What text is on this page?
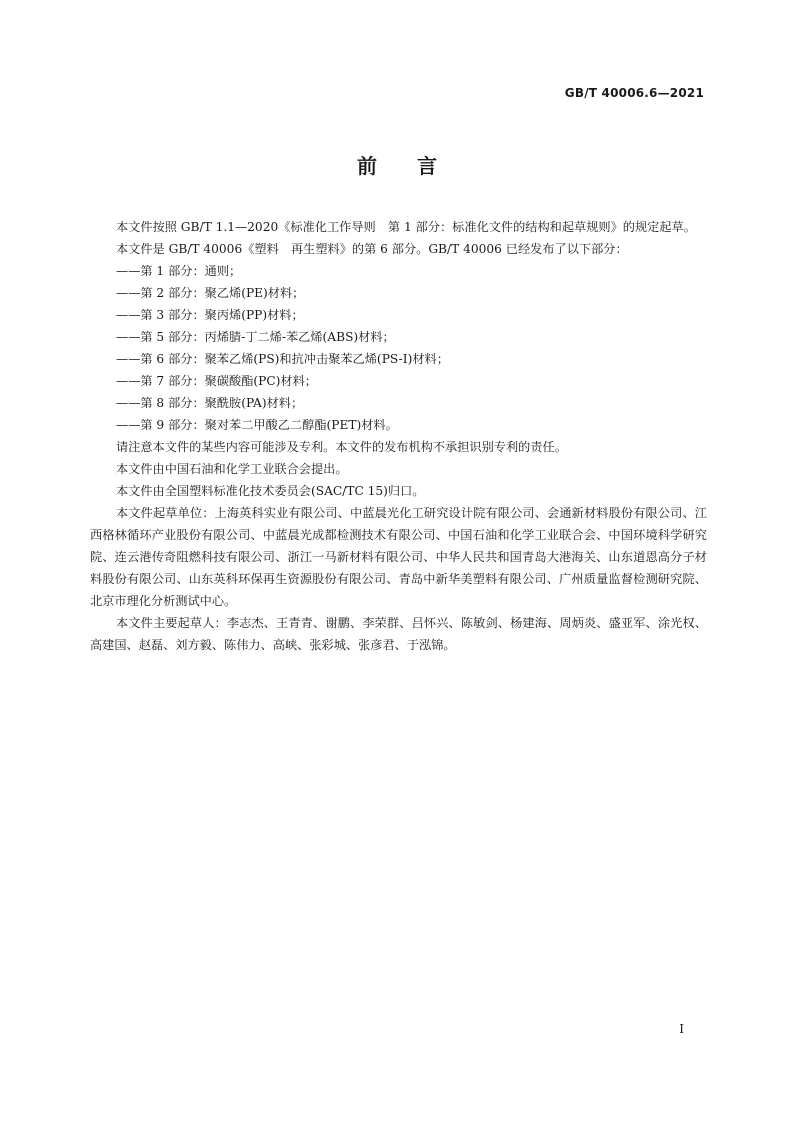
GB/T 40006.6—2021
前言

本文件按照 GB/T 1.1—2020《标准化工作导则　第 1 部分：标准化文件的结构和起草规则》的规定起草。

本文件是 GB/T 40006《塑料　再生塑料》的第 6 部分。GB/T 40006 已经发布了以下部分：

——第 1 部分：通则；

——第 2 部分：聚乙烯(PE)材料；

——第 3 部分：聚丙烯(PP)材料；

——第 5 部分：丙烯腈-丁二烯-苯乙烯(ABS)材料；

——第 6 部分：聚苯乙烯(PS)和抗冲击聚苯乙烯(PS-I)材料；

——第 7 部分：聚碳酸酯(PC)材料；

——第 8 部分：聚酰胺(PA)材料；

——第 9 部分：聚对苯二甲酸乙二醇酯(PET)材料。

请注意本文件的某些内容可能涉及专利。本文件的发布机构不承担识别专利的责任。

本文件由中国石油和化学工业联合会提出。

本文件由全国塑料标准化技术委员会(SAC/TC 15)归口。

本文件起草单位：上海英科实业有限公司、中蓝晨光化工研究设计院有限公司、会通新材料股份有限公司、江西格林循环产业股份有限公司、中蓝晨光成都检测技术有限公司、中国石油和化学工业联合会、中国环境科学研究院、连云港传奇阻燃科技有限公司、浙江一马新材料有限公司、中华人民共和国青岛大港海关、山东道恩高分子材料股份有限公司、山东英科环保再生资源股份有限公司、青岛中新华美塑料有限公司、广州质量监督检测研究院、北京市理化分析测试中心。

本文件主要起草人：李志杰、王青青、谢鹏、李荣群、吕怀兴、陈敏剑、杨建海、周炳炎、盛亚军、涂光权、高建国、赵磊、刘方毅、陈伟力、高峡、张彩城、张彦君、于泓锦。

I
